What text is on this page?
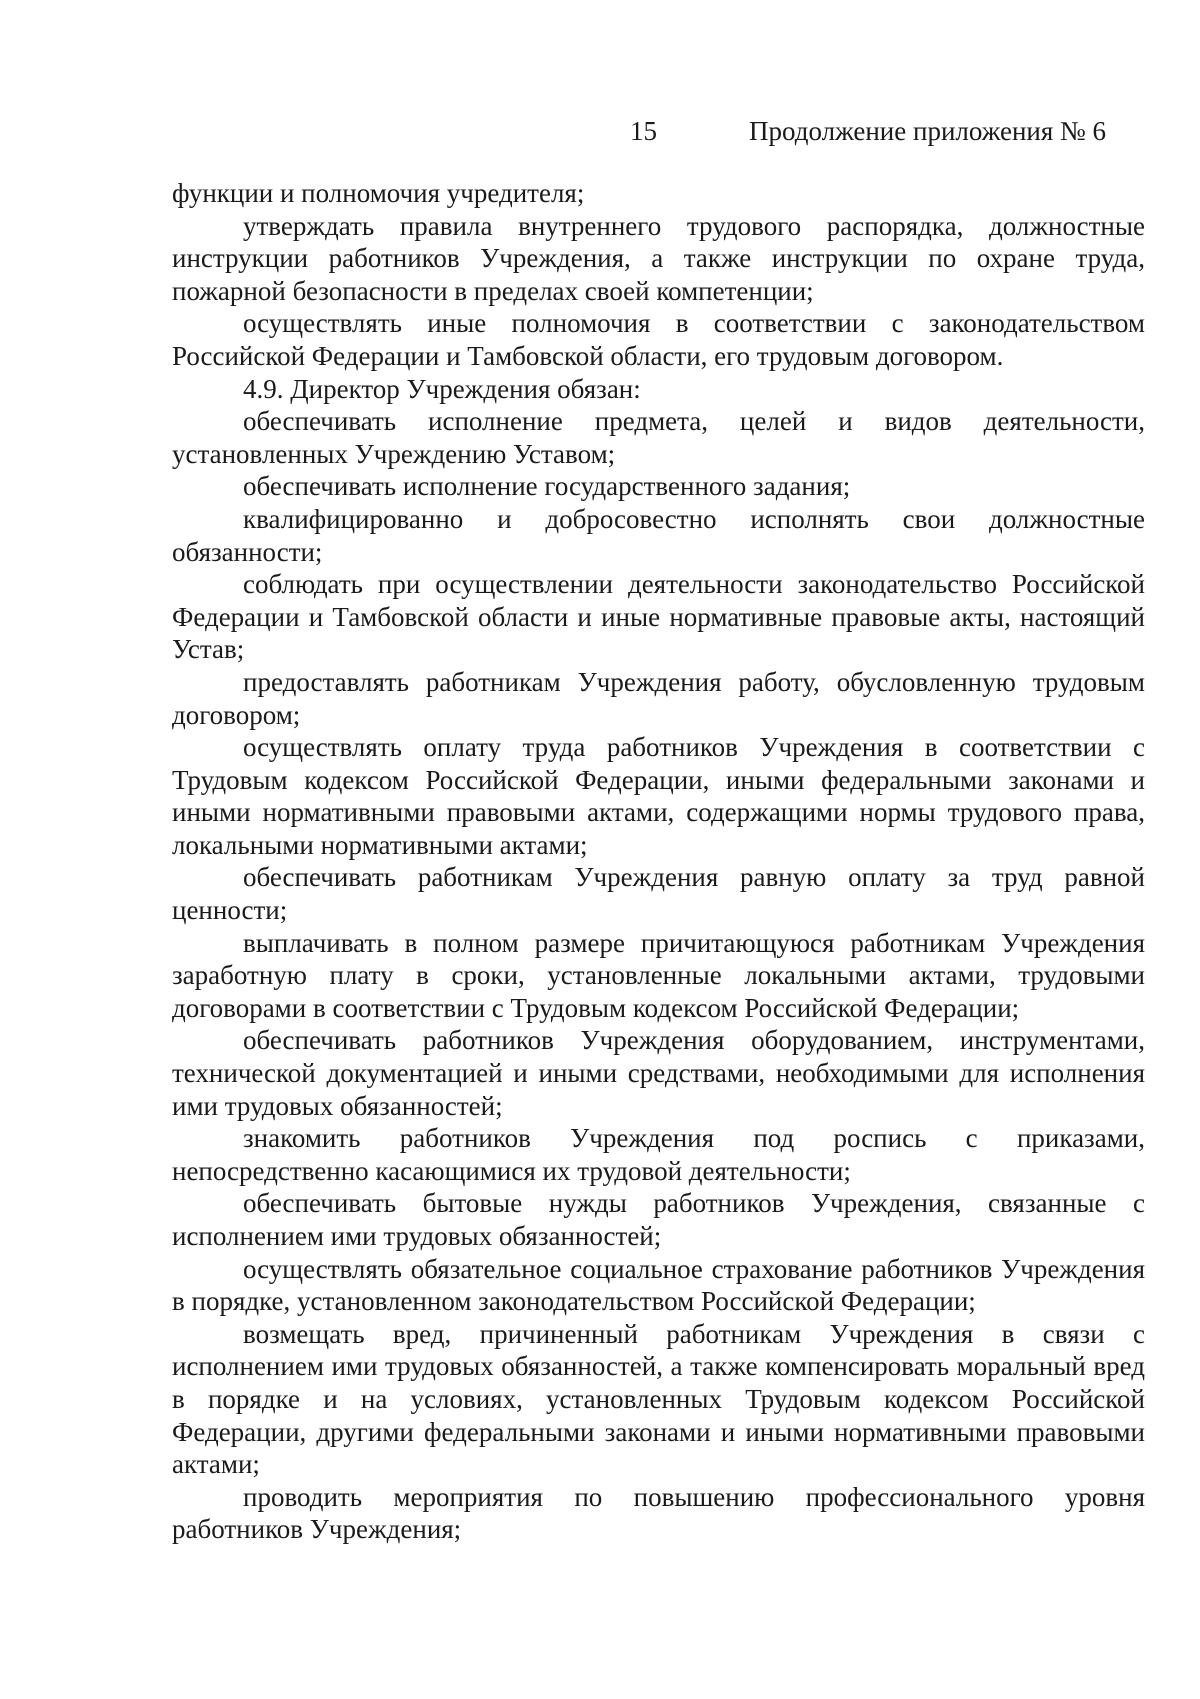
15	Продолжение приложения № 6

функции и полномочия учредителя;

утверждать правила внутреннего трудового распорядка, должностные инструкции работников Учреждения, а также инструкции по охране труда, пожарной безопасности в пределах своей компетенции;

осуществлять иные полномочия в соответствии с законодательством Российской Федерации и Тамбовской области, его трудовым договором.

4.9. Директор Учреждения обязан:

обеспечивать исполнение предмета, целей и видов деятельности, установленных Учреждению Уставом;

обеспечивать исполнение государственного задания;

квалифицированно и добросовестно исполнять свои должностные обязанности;

соблюдать при осуществлении деятельности законодательство Российской Федерации и Тамбовской области и иные нормативные правовые акты, настоящий Устав;

предоставлять работникам Учреждения работу, обусловленную трудовым договором;

осуществлять оплату труда работников Учреждения в соответствии с Трудовым кодексом Российской Федерации, иными федеральными законами и иными нормативными правовыми актами, содержащими нормы трудового права, локальными нормативными актами;

обеспечивать работникам Учреждения равную оплату за труд равной ценности;

выплачивать в полном размере причитающуюся работникам Учреждения заработную плату в сроки, установленные локальными актами, трудовыми договорами в соответствии с Трудовым кодексом Российской Федерации;

обеспечивать работников Учреждения оборудованием, инструментами, технической документацией и иными средствами, необходимыми для исполнения ими трудовых обязанностей;

знакомить работников Учреждения под роспись с приказами, непосредственно касающимися их трудовой деятельности;

обеспечивать бытовые нужды работников Учреждения, связанные с исполнением ими трудовых обязанностей;

осуществлять обязательное социальное страхование работников Учреждения в порядке, установленном законодательством Российской Федерации;

возмещать вред, причиненный работникам Учреждения в связи с исполнением ими трудовых обязанностей, а также компенсировать моральный вред в порядке и на условиях, установленных Трудовым кодексом Российской Федерации, другими федеральными законами и иными нормативными правовыми актами;

проводить мероприятия по повышению профессионального уровня работников Учреждения;
